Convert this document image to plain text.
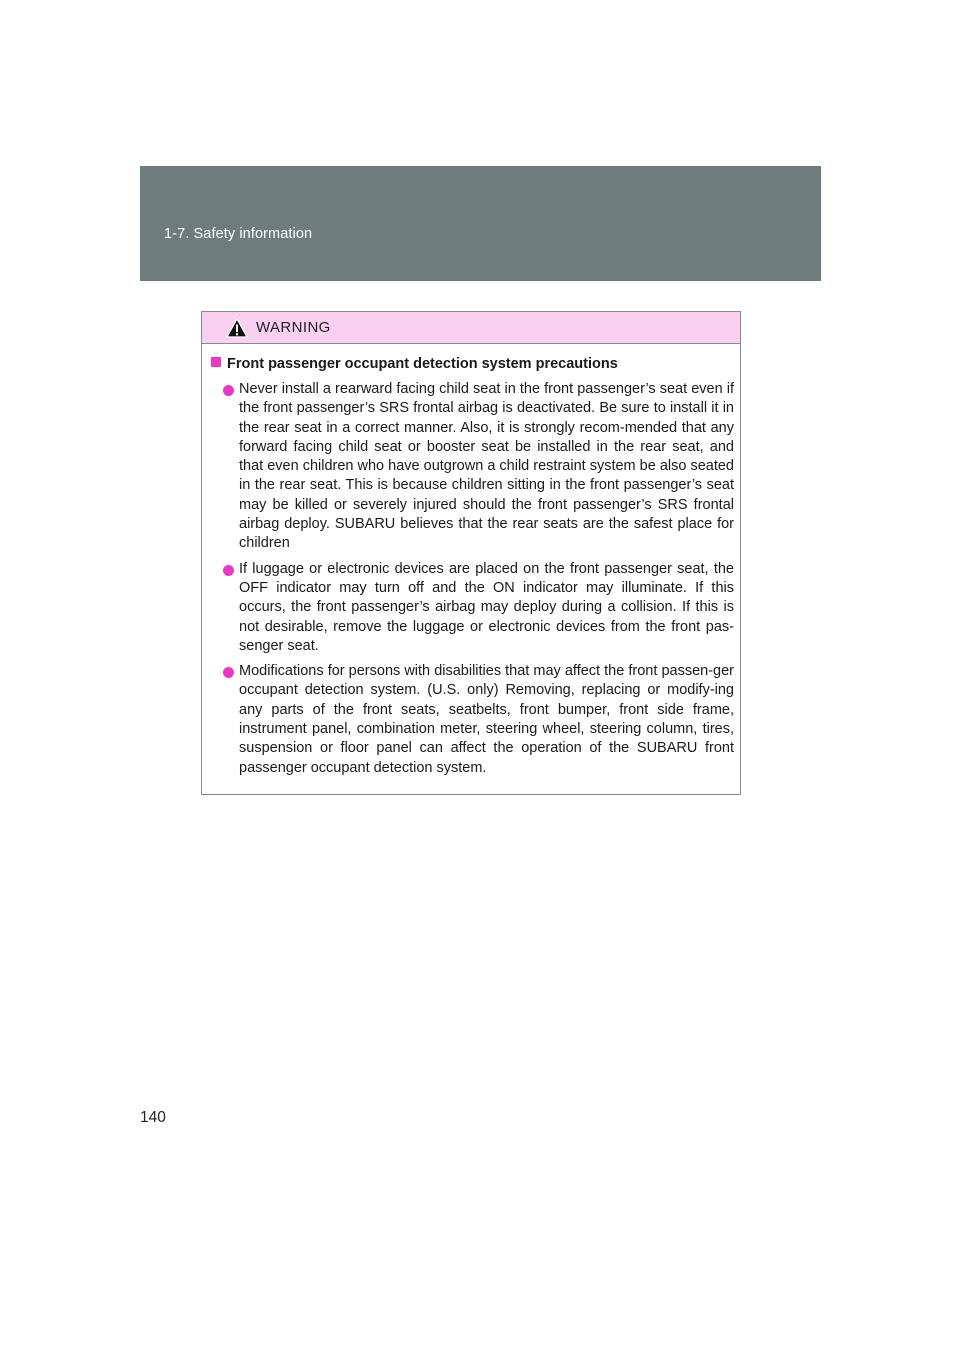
1-7. Safety information
WARNING
Front passenger occupant detection system precautions
Never install a rearward facing child seat in the front passenger’s seat even if the front passenger’s SRS frontal airbag is deactivated. Be sure to install it in the rear seat in a correct manner. Also, it is strongly recom-mended that any forward facing child seat or booster seat be installed in the rear seat, and that even children who have outgrown a child restraint system be also seated in the rear seat. This is because children sitting in the front passenger’s seat may be killed or severely injured should the front passenger’s SRS frontal airbag deploy. SUBARU believes that the rear seats are the safest place for children
If luggage or electronic devices are placed on the front passenger seat, the OFF indicator may turn off and the ON indicator may illuminate. If this occurs, the front passenger’s airbag may deploy during a collision. If this is not desirable, remove the luggage or electronic devices from the front pas-senger seat.
Modifications for persons with disabilities that may affect the front passen-ger occupant detection system. (U.S. only) Removing, replacing or modify-ing any parts of the front seats, seatbelts, front bumper, front side frame, instrument panel, combination meter, steering wheel, steering column, tires, suspension or floor panel can affect the operation of the SUBARU front passenger occupant detection system.
140
